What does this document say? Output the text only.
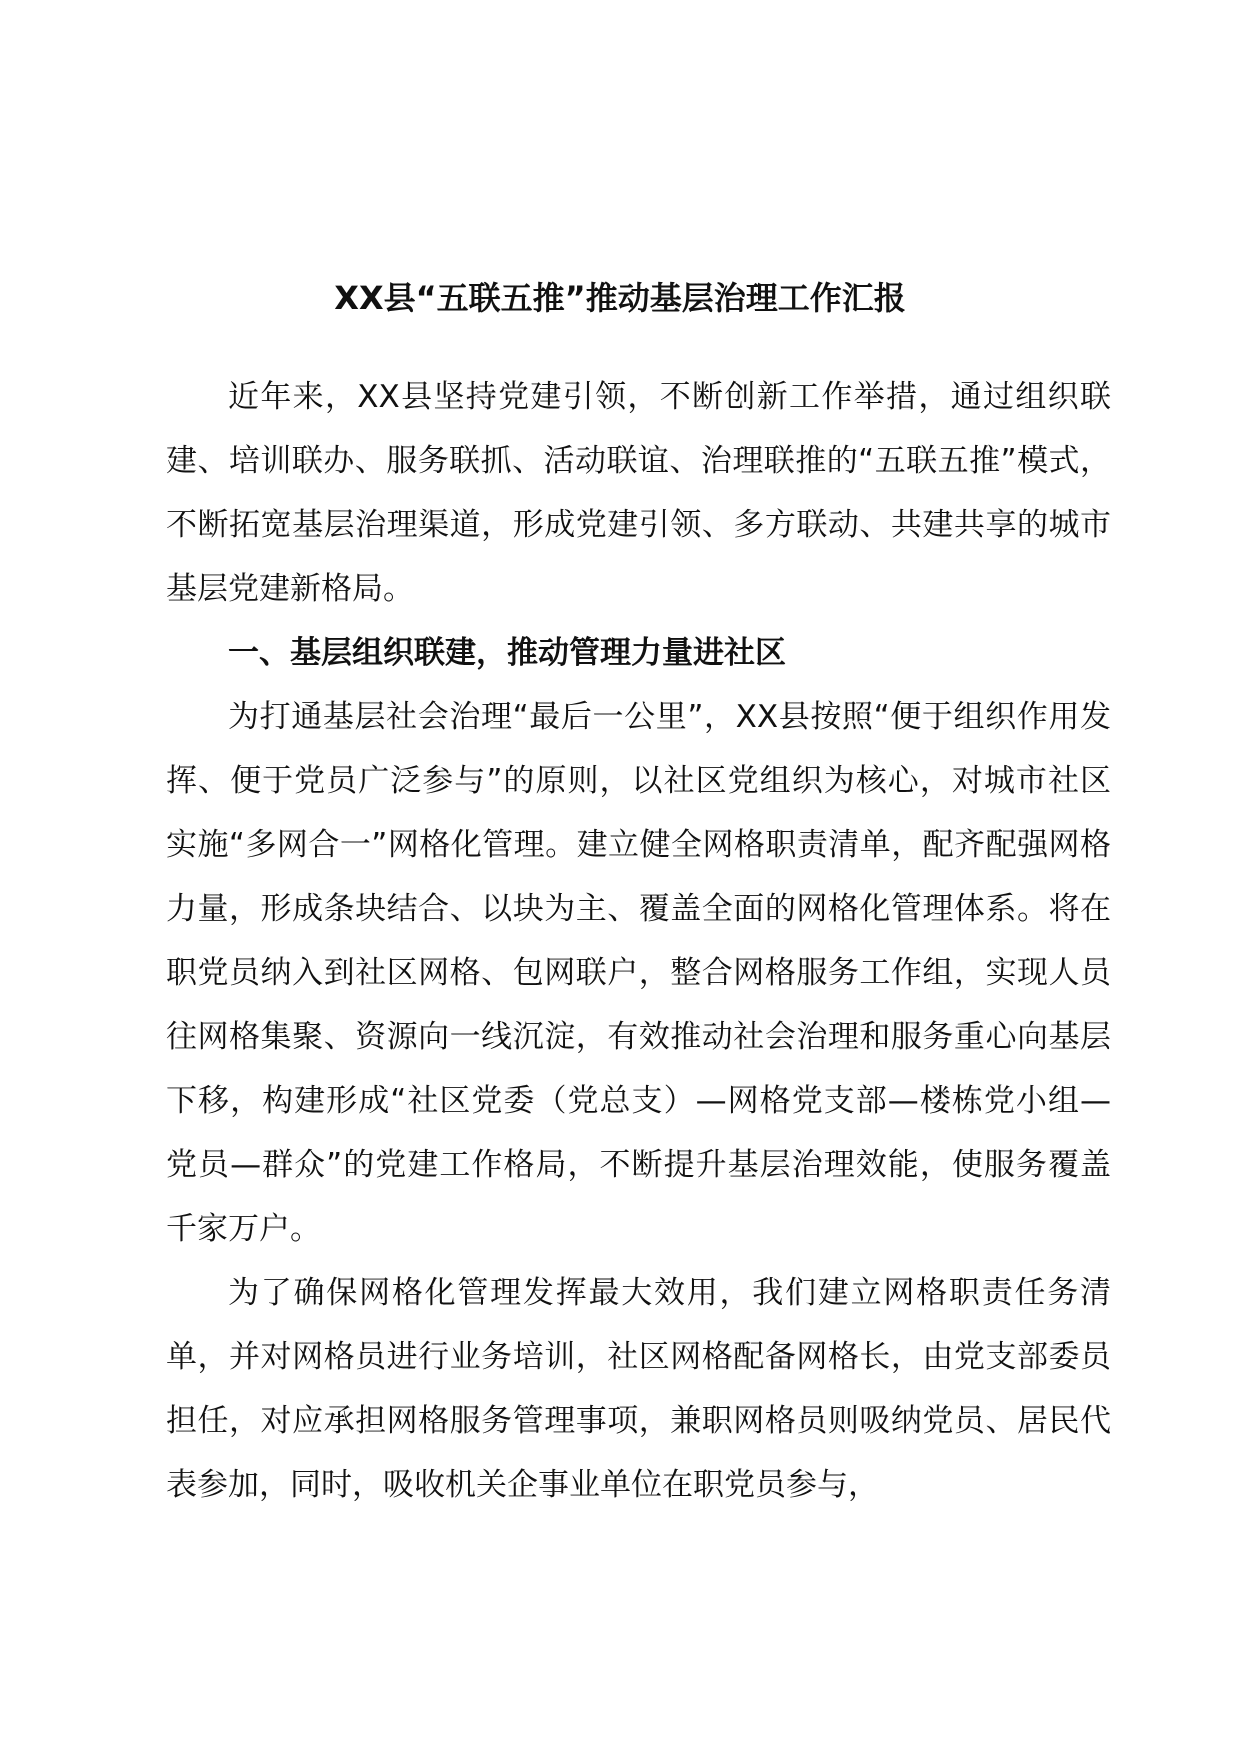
XX县“五联五推”推动基层治理工作汇报

近年来，XX县坚持党建引领，不断创新工作举措，通过组织联建、培训联办、服务联抓、活动联谊、治理联推的“五联五推”模式，不断拓宽基层治理渠道，形成党建引领、多方联动、共建共享的城市基层党建新格局。

一、基层组织联建，推动管理力量进社区

为打通基层社会治理“最后一公里”，XX县按照“便于组织作用发挥、便于党员广泛参与”的原则，以社区党组织为核心，对城市社区实施“多网合一”网格化管理。建立健全网格职责清单，配齐配强网格力量，形成条块结合、以块为主、覆盖全面的网格化管理体系。将在职党员纳入到社区网格、包网联户，整合网格服务工作组，实现人员往网格集聚、资源向一线沉淀，有效推动社会治理和服务重心向基层下移，构建形成“社区党委（党总支）—网格党支部—楼栋党小组—党员—群众”的党建工作格局，不断提升基层治理效能，使服务覆盖千家万户。

为了确保网格化管理发挥最大效用，我们建立网格职责任务清单，并对网格员进行业务培训，社区网格配备网格长，由党支部委员担任，对应承担网格服务管理事项，兼职网格员则吸纳党员、居民代表参加，同时，吸收机关企事业单位在职党员参与，
